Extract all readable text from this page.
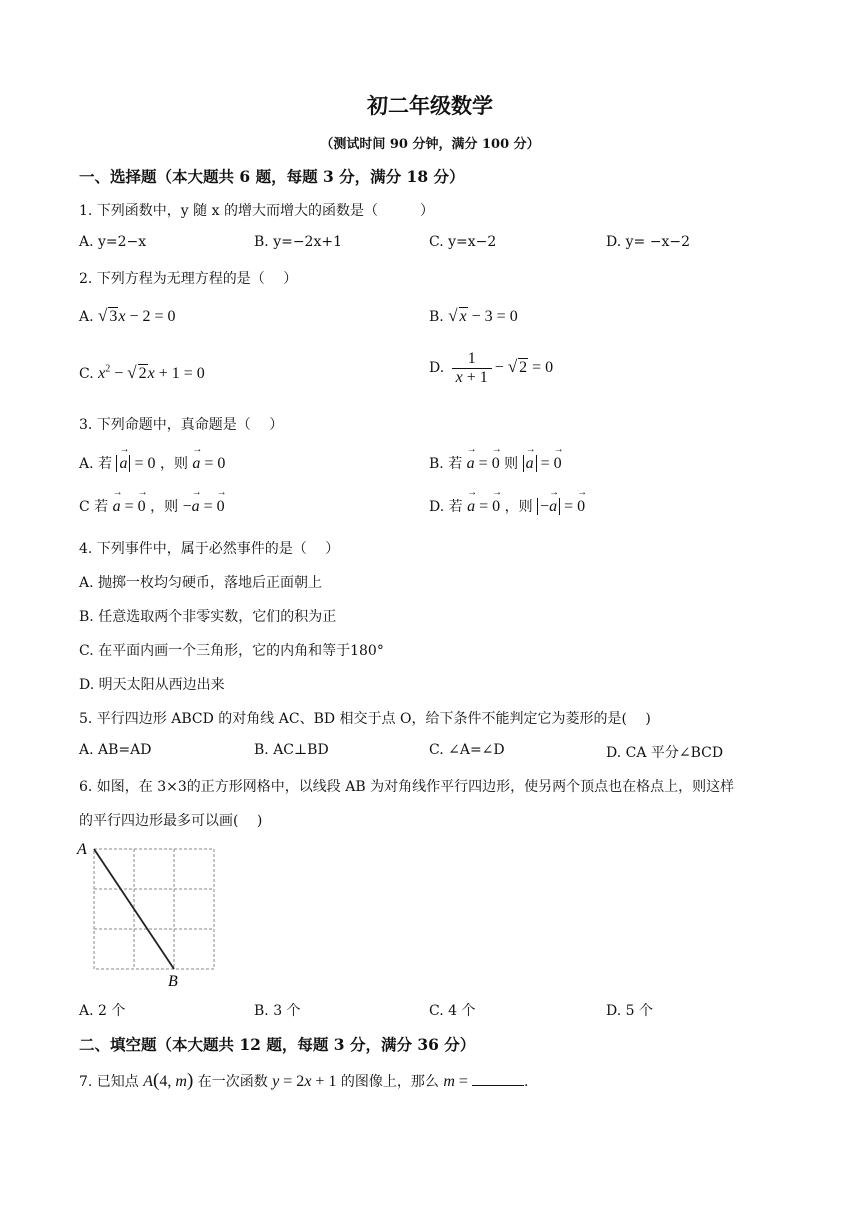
初二年级数学
（测试时间 90 分钟，满分 100 分）
一、选择题（本大题共 6 题，每题 3 分，满分 18 分）
1. 下列函数中，y 随 x 的增大而增大的函数是（　　　）
A. y=2−x	B. y=−2x+1	C. y=x−2	D. y= −x−2
2. 下列方程为无理方程的是（　 ）
A. √ 3x − 2 = 0	B. √ x − 3 = 0
C. $x^2$ − √ 2x + 1 = 0	D. $\frac{1}{x + 1}$ − √ 2 = 0
3. 下列命题中，真命题是（　 ）
A. 若 → a = 0 ，则 → a = 0	B. 若 → a = → 0 则 → a = → 0
C 若 → a = → 0 ，则 −→ a = → 0	D. 若 → a = → 0 ，则 −→ a = → 0
4. 下列事件中，属于必然事件的是（　 ）
A. 抛掷一枚均匀硬币，落地后正面朝上
B. 任意选取两个非零实数，它们的积为正
C. 在平面内画一个三角形，它的内角和等于180°
D. 明天太阳从西边出来
5. 平行四边形 ABCD 的对角线 AC、BD 相交于点 O，给下条件不能判定它为菱形的是(　 )
A. AB=AD	B. AC⊥BD	C. ∠A=∠D	D. CA 平分∠BCD
6. 如图，在 3×3的正方形网格中，以线段 AB 为对角线作平行四边形，使另两个顶点也在格点上，则这样
的平行四边形最多可以画(　 )
A
B
A. 2 个	B. 3 个	C. 4 个	D. 5 个
二、填空题（本大题共 12 题，每题 3 分，满分 36 分）
7. 已知点 A(4, m) 在一次函数 y = 2x + 1 的图像上，那么 m =	.
